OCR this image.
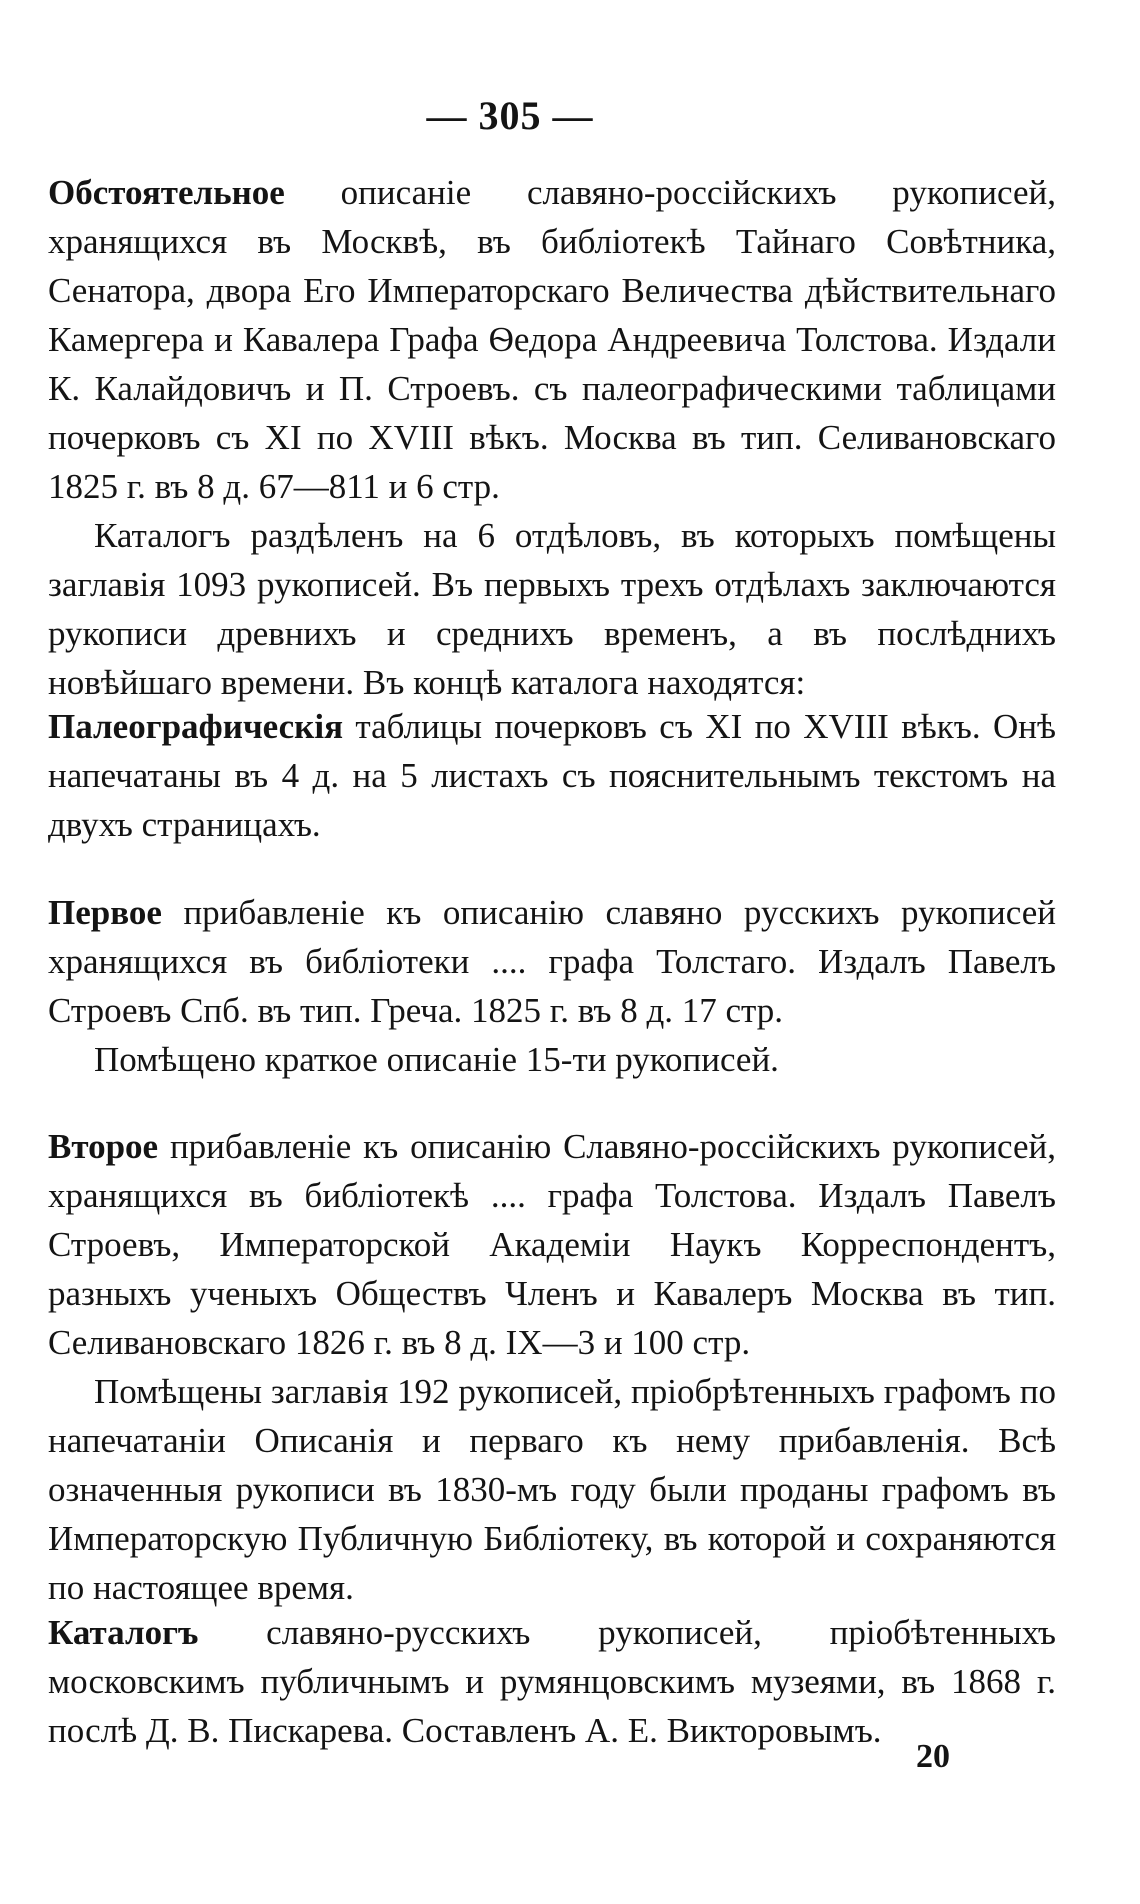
— 305 —

Обстоятельное описаніе славяно-россійскихъ рукописей, хранящихся въ Москвѣ, въ библіотекѣ Тайнаго Совѣтника, Сенатора, двора Его Императорскаго Величества дѣйствительнаго Камергера и Кавалера Графа Ѳедора Андреевича Толстова. Издали К. Калайдовичъ и П. Строевъ. съ палеографическими таблицами почерковъ съ XI по XVIII вѣкъ. Москва въ тип. Селивановскаго 1825 г. въ 8 д. 67—811 и 6 стр.

Каталогъ раздѣленъ на 6 отдѣловъ, въ которыхъ помѣщены заглавія 1093 рукописей. Въ первыхъ трехъ отдѣлахъ заключаются рукописи древнихъ и среднихъ временъ, а въ послѣднихъ новѣйшаго времени. Въ концѣ каталога находятся:

Палеографическія таблицы почерковъ съ XI по XVIII вѣкъ. Онѣ напечатаны въ 4 д. на 5 листахъ съ пояснительнымъ текстомъ на двухъ страницахъ.

Первое прибавленіе къ описанію славяно русскихъ рукописей хранящихся въ библіотеки .... графа Толстаго. Издалъ Павелъ Строевъ Спб. въ тип. Греча. 1825 г. въ 8 д. 17 стр.

Помѣщено краткое описаніе 15-ти рукописей.

Второе прибавленіе къ описанію Славяно-россійскихъ рукописей, хранящихся въ библіотекѣ .... графа Толстова. Издалъ Павелъ Строевъ, Императорской Академіи Наукъ Корреспондентъ, разныхъ ученыхъ Обществъ Членъ и Кавалеръ Москва въ тип. Селивановскаго 1826 г. въ 8 д. IX—3 и 100 стр.

Помѣщены заглавія 192 рукописей, пріобрѣтенныхъ графомъ по напечатаніи Описанія и перваго къ нему прибавленія. Всѣ означенныя рукописи въ 1830-мъ году были проданы графомъ въ Императорскую Публичную Библіотеку, въ которой и сохраняются по настоящее время.

Каталогъ славяно-русскихъ рукописей, пріобѣтенныхъ московскимъ публичнымъ и румянцовскимъ музеями, въ 1868 г. послѣ Д. В. Пискарева. Составленъ А. Е. Викторовымъ.

20
